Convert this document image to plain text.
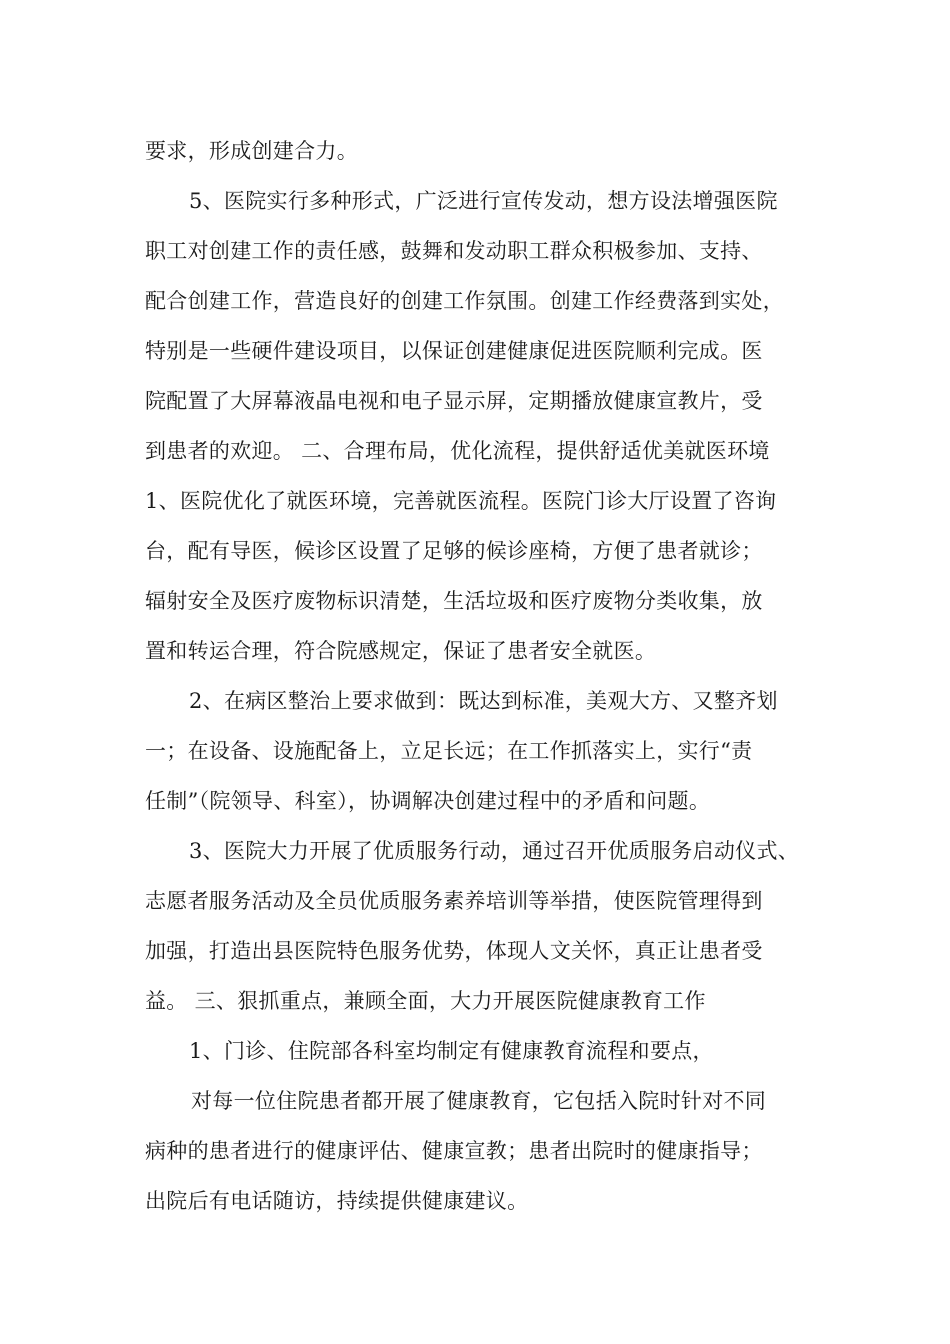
要求，形成创建合力。
5、医院实行多种形式，广泛进行宣传发动，想方设法增强医院
职工对创建工作的责任感，鼓舞和发动职工群众积极参加、支持、
配合创建工作，营造良好的创建工作氛围。创建工作经费落到实处，
特别是一些硬件建设项目，以保证创建健康促进医院顺利完成。医
院配置了大屏幕液晶电视和电子显示屏，定期播放健康宣教片，受
到患者的欢迎。 二、合理布局，优化流程，提供舒适优美就医环境
1、医院优化了就医环境，完善就医流程。医院门诊大厅设置了咨询
台，配有导医，候诊区设置了足够的候诊座椅，方便了患者就诊；
辐射安全及医疗废物标识清楚，生活垃圾和医疗废物分类收集，放
置和转运合理，符合院感规定，保证了患者安全就医。
2、在病区整治上要求做到：既达到标准，美观大方、又整齐划
一；在设备、设施配备上，立足长远；在工作抓落实上，实行“责
任制”（院领导、科室），协调解决创建过程中的矛盾和问题。
3、医院大力开展了优质服务行动，通过召开优质服务启动仪式、
志愿者服务活动及全员优质服务素养培训等举措，使医院管理得到
加强，打造出县医院特色服务优势，体现人文关怀，真正让患者受
益。 三、狠抓重点，兼顾全面，大力开展医院健康教育工作
1、门诊、住院部各科室均制定有健康教育流程和要点，
对每一位住院患者都开展了健康教育，它包括入院时针对不同
病种的患者进行的健康评估、健康宣教；患者出院时的健康指导；
出院后有电话随访，持续提供健康建议。
